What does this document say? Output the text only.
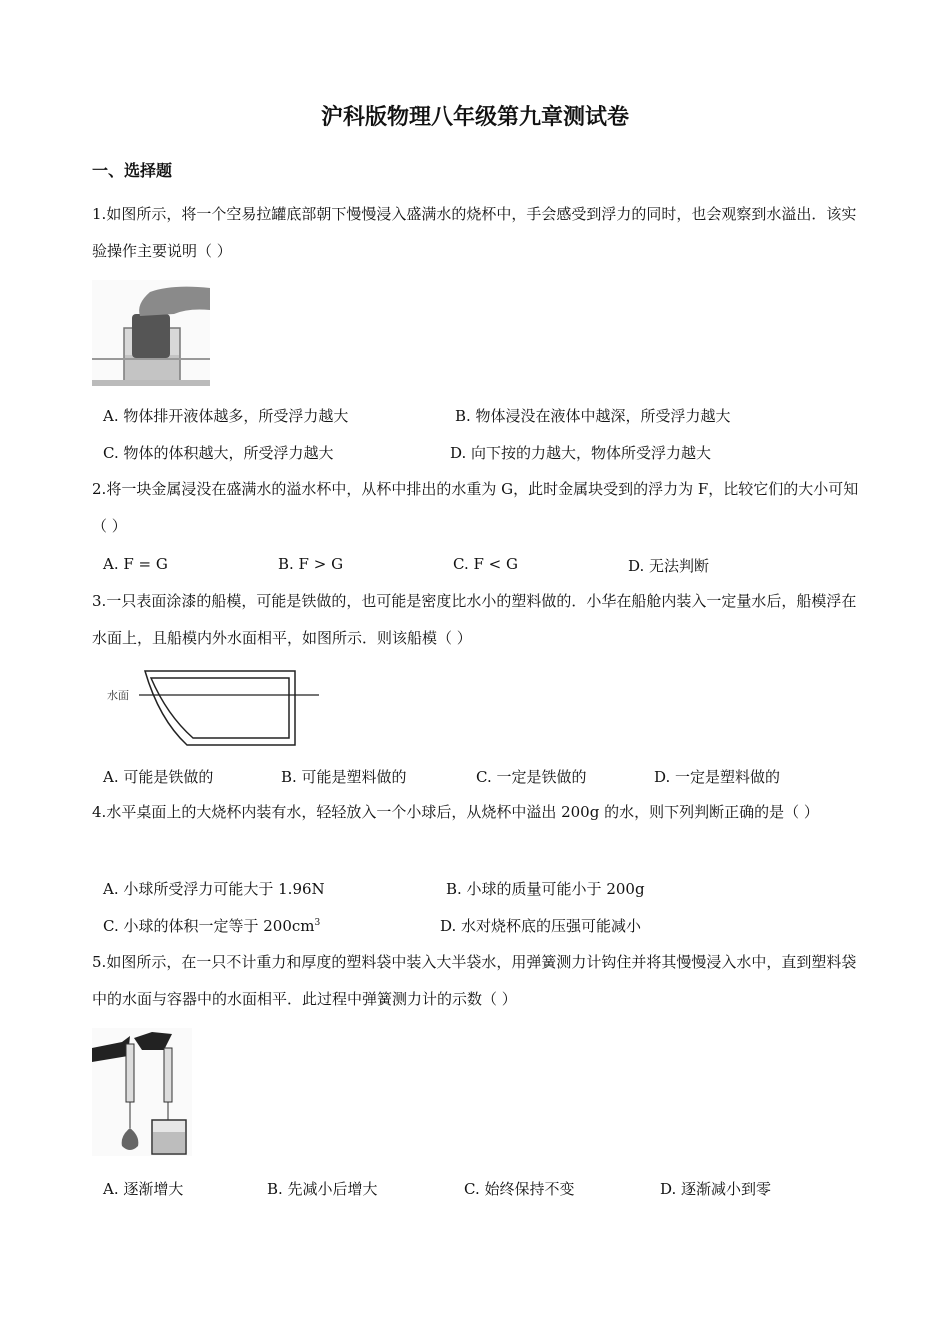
沪科版物理八年级第九章测试卷
一、选择题
1.如图所示，将一个空易拉罐底部朝下慢慢浸入盛满水的烧杯中，手会感受到浮力的同时，也会观察到水溢出．该实验操作主要说明（ ）
A. 物体排开液体越多，所受浮力越大	B. 物体浸没在液体中越深，所受浮力越大
C. 物体的体积越大，所受浮力越大	D. 向下按的力越大，物体所受浮力越大
2.将一块金属浸没在盛满水的溢水杯中，从杯中排出的水重为 G，此时金属块受到的浮力为 F，比较它们的大小可知（ ）
A. F = G	B. F > G	C. F < G	D. 无法判断
3.一只表面涂漆的船模，可能是铁做的，也可能是密度比水小的塑料做的．小华在船舱内装入一定量水后，船模浮在水面上，且船模内外水面相平，如图所示．则该船模（ ）
水面
A. 可能是铁做的	B. 可能是塑料做的	C. 一定是铁做的	D. 一定是塑料做的
4.水平桌面上的大烧杯内装有水，轻轻放入一个小球后，从烧杯中溢出 200g 的水，则下列判断正确的是（ ）
A. 小球所受浮力可能大于 1.96N	B. 小球的质量可能小于 200g
C. 小球的体积一定等于 $200cm^3$	D. 水对烧杯底的压强可能减小
5.如图所示，在一只不计重力和厚度的塑料袋中装入大半袋水，用弹簧测力计钩住并将其慢慢浸入水中，直到塑料袋中的水面与容器中的水面相平．此过程中弹簧测力计的示数（ ）
A. 逐渐增大	B. 先减小后增大	C. 始终保持不变	D. 逐渐减小到零
